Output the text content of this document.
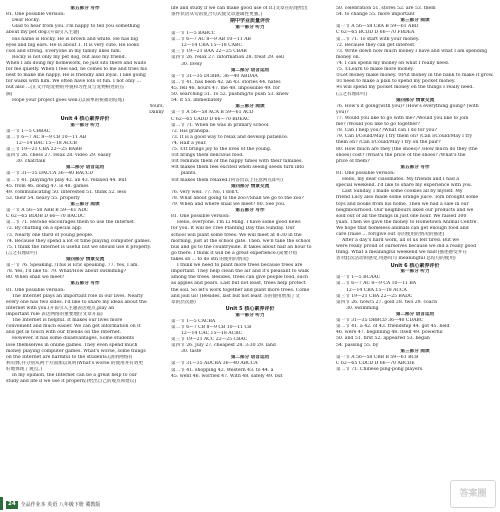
第五部分 写作
81. One possible version:
Dear Rocky,
Glad to hear from you. I'm happy to tell you something
about my pet dog.(开篇引入主题)
His name is Rocky. He is brown and white. He has big
eyes and big ears. He is about 1. It is very cute. He looks
cool and strong. Everyone in my family likes him.
Rocky is not only my pet dog, but also my friend.
When I am doing my homework, he just sits there and waits
for me quietly. When I feel sad, he comes to me and tries his
best to make me happy. He is friendly and loyal. I like going
for walks with him. We often have lots of fun. I not only ...
but also ...(正文介绍宠物的外貌和习性及与宠物相处的点
滴)
Hope your project goes well.(以简单的祝福语结尾)
Yours,
Danny
Unit 4 核心素养评价
第一部分 听力
第一节 1—5 CBBAC
第二节 6—7 AC 8—9 CB 10—11 AB
12—14 BAC 15—18 ACCB
第三节 19—21 CBA 22—25 BABB
第四节 26. chess 27. relax 28. video 29. easily
30. chat/talk
第二部分 语言运用
第一节 31—35 DACCA 36—40 BACCD
第二节 41. playing/to play 42. an 43. relaxed 44. But
45. from 46. doing 47. is 48. games
49. communicating 50. interested 51. think 52. less
53. their 54. heavy 55. properly
第三部分 阅读
第一节 A 56—58 ABB B 59—61 ADC
C 62—65 BDDB D 66—70 BACDC
第二节 71. He/She encourages them to use the Internet.
72. By chatting on a special app.
73. Nearly one third of young people.
74. Because they spend a lot of time playing computer games.
75. I think the Internet is useful but we should use it properly.
(言之有理即可)
第四部分 情景交流
第一节 76. Speaking. /This is Eric speaking. 77. Yes, I am.
78. Yes, I'd like to. 79. What/How about swimming?
80. When shall we meet?
第五部分 写作
81. One possible version:
The Internet plays an important role in our lives. Nearly
every one has two sides. I'd like to share my ideas about the
Internet with you.(开篇引入主题表达观点,play an
important role 表达网络的重要地位文章开篇)
The Internet is helpful. It makes our lives more
convenient and much easier. We can get information on it
and get in touch with our friends on the Internet.
However, it has some disadvantages. Some students
lose themselves in online games. They even spend much
money playing computer games. What's worse, some things
on the Internet are harmful to the students.(説明网络有
利有弊,并分别从两个方面加以说明)What's worse 的使用并有效更
好地体现了观点。)
In my opinion, the Internet can be a great help to our
study and life if we use it properly.(给出自己的观点和建议)
life and study if we can make good use of it.(文章在结尾给出
条件状语从句的复合句式使文章逻辑性更强。)
期中学业质量评价
第一部分 听力
第一节 1—5 BABCC
第二节 6—7 AC 8—9 AB 10—11 AB
12—14 CBA 15—18 CABC
第三节 19—21 BAA 22—25 CBAB
第四节 26. relax 27. information 28. treat 29. sell
30. lively
第二部分 语言运用
第一节 31—35 DCBBC 36—40 ABDAA
第二节 41. has been 42. an 43. stories 44. hates
45. fell 46. hours 47. me 48. impossible 49. for
50. searching 51. To 52. pushing/to push 53. knew
54. it 55. immediately
第三部分 阅读
第一节 A 56—58 ACA B 59—61 ACD
C 62—65 CADD D 66—70 BDEAC
第二节 71. When he was in primary school.
72. His grandpa.
73. It is a good way to relax and develop patience.
74. Half a year.
75. ①It brings joy to the lives of the young.
②It brings them delicious food.
③It reminds them of the happy times with their families.
④It makes them feel excited when seeing seeds turn into
plants.
⑤It makes them relaxed.(何答出以上任意两点即可)
第四部分 情景交流
76. Very well. 77. No, I don't.
78. What about going to the zoo?/Shall we go to the zoo?
79. When and where shall we meet? 80. See you.
第五部分 写作
81. One possible version:
Hello, everyone. I'm Li Ming. I have some good news
for you. It will be Tree Planting Day this Sunday. Our
school will plant some trees. We will meet at 8:30 in the
morning, just at the school gate. Then, we'll take the school
bus and go to the countryside. It takes about half an hour to
go there. I think it will be a great experience.(简要介绍
takes sb ... to do sth 的使用的情况)
I think we need to plant more trees because trees are
important. They help clean the air and it's pleasant to walk
among the trees. Besides, trees can give people food, such
as apples and pears. Last but not least, trees help protect
the soil. So let's work together and plant more trees. Come
and join us! (Besides, last but not least 等的使用增加了文
章的层次感)
Unit 5 核心素养评价
第一部分 听力
第一节 1—5 CACBA
第二节 6—7 CB 8—9 CB 10—11 CB
12—14 CAC 15—18 ACBC
第三节 19—21 ACC 22—25 CBAC
第四节 26. July 27. cheapest 28. 3:30 29. land
30. taste
第二部分 语言运用
第一节 31—35 ADCBA 36—40 ABCCA
第二节 41. shopping 42. Western 43. to 44. a
45. went 46. worried 47. With 48. safely 49. but
50. celebration 51. stores 52. are 53. them
54. to change 55. more important
第三部分 阅读
第一节 A 56—58 CBA B 59—61 ABD
C 62—65 BCDD D 66—70 FBDEA
第二节 71. To start with your money.
72. Because they can get interest.
73. Write down how much money I have and what I am spending
money on.
74. I can spend my money on what I really need.
75. ①Learn to make more money.
②Let money make money. ③Put money in the bank to make it grow.
③I need to make a plan to spend my pocket money.
④I will spend my pocket money on the things I really need.
(言之有理即可)
第四部分 情景交流
76. How's it going(with you)? /How's everything going? (with
you)?
77. Would you like to go with me? /Would you like to join
me? /Would you like to go together?
78. Can I help you? /What can I do for you?
79. Can I/Could/May I try them on? /Can I/Could/May I try
them on? /Can I/Could/May I try on the pair?
80. How much are they (the shoes)? /How much do they (the
shoes) cost? /What's the price of the shoes? /What's the
price of them?
第五部分 写作
81. One possible version:
Hello, my dear classmates. My friends and I had a
special weekend. I'd like to share my experience with you.
Last Sunday, I made some cookies all by myself. My
friend Lucy also made some orange juice. Tom brought some
toys and books from his home. Then we had a sale in our
neighbourhood. Our neighbours liked our products and we
sold out of all the things in just one hour. We raised 300
yuan. Then we gave the money to Hometown Animal Centre.
We hope that homeless animals can get enough food and
care.(raise ... for/give out 等的使用的情况的描述)
After a day's hard work, all of us felt tired. But we
were really proud of ourselves because we did a really good
thing. What a meaningful weekend we had!(描述感受并在
者对此次活动的感受,用感叹句 meaningful 总结句的使用)
Unit 6 核心素养评价
第一部分 听力
第一节 1—5 BCAAC
第二节 6—7 AC 8—9 CA 10—11 BA
12—14 CBA 15—18 ACCA
第三节 19—21 CBA 22—25 BADC
第四节 26. now/5 27. gold 28. two 29. coach
30. swimming
第二部分 语言运用
第一节 31—35 DBBCD 36—40 CDABC
第二节 41. a 42. of 43. friendship 44. got 45. held
46. were 47. beginning 48. itself 49. powerful
50. and 51. first 52. appeared 53. began
54. passing 55. by
第三部分 阅读
第一节 A 56—58 CBB B 59—61 BCB
C 62—65 CDCD D 66—70 ABCDE
第二节 71. Chinese ping-pong players.
24	全品作业本 英语 八年级下册 冀教版
答案圈
